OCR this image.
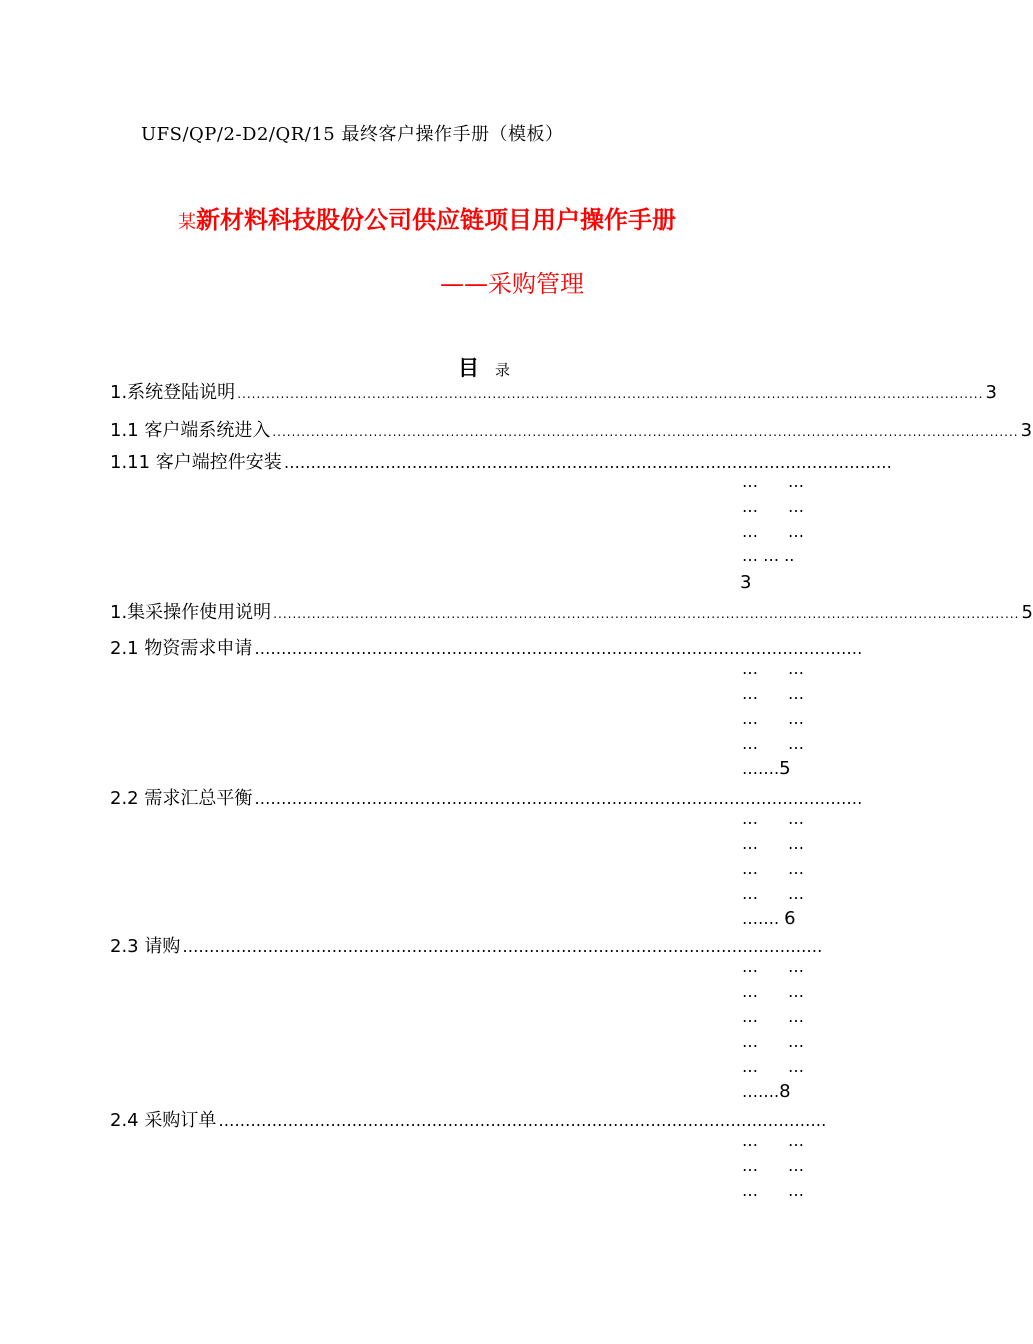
UFS/QP/2-D2/QR/15 最终客户操作手册（模板）
某新材料科技股份公司供应链项目用户操作手册
——采购管理
目 录
1.系统登陆说明 ........................................................................................................................................................... 3
1.1 客户端系统进入 ........................................................................................................................................................... 3
1.11 客户端控件安装 ……………………………………………………………………………………………………
… …
… …
… …
… … ..
3
1.集采操作使用说明 ........................................................................................................................................................... 5
2.1 物资需求申请 ……………………………………………………………………………………………………
… …
… …
… …
… …
…….5
2.2 需求汇总平衡 ……………………………………………………………………………………………………
… …
… …
… …
… …
……. 6
2.3 请购 …………………………………………………………………………………………………………
… …
… …
… …
… …
… …
…….8
2.4 采购订单 ……………………………………………………………………………………………………
… …
… …
… …
